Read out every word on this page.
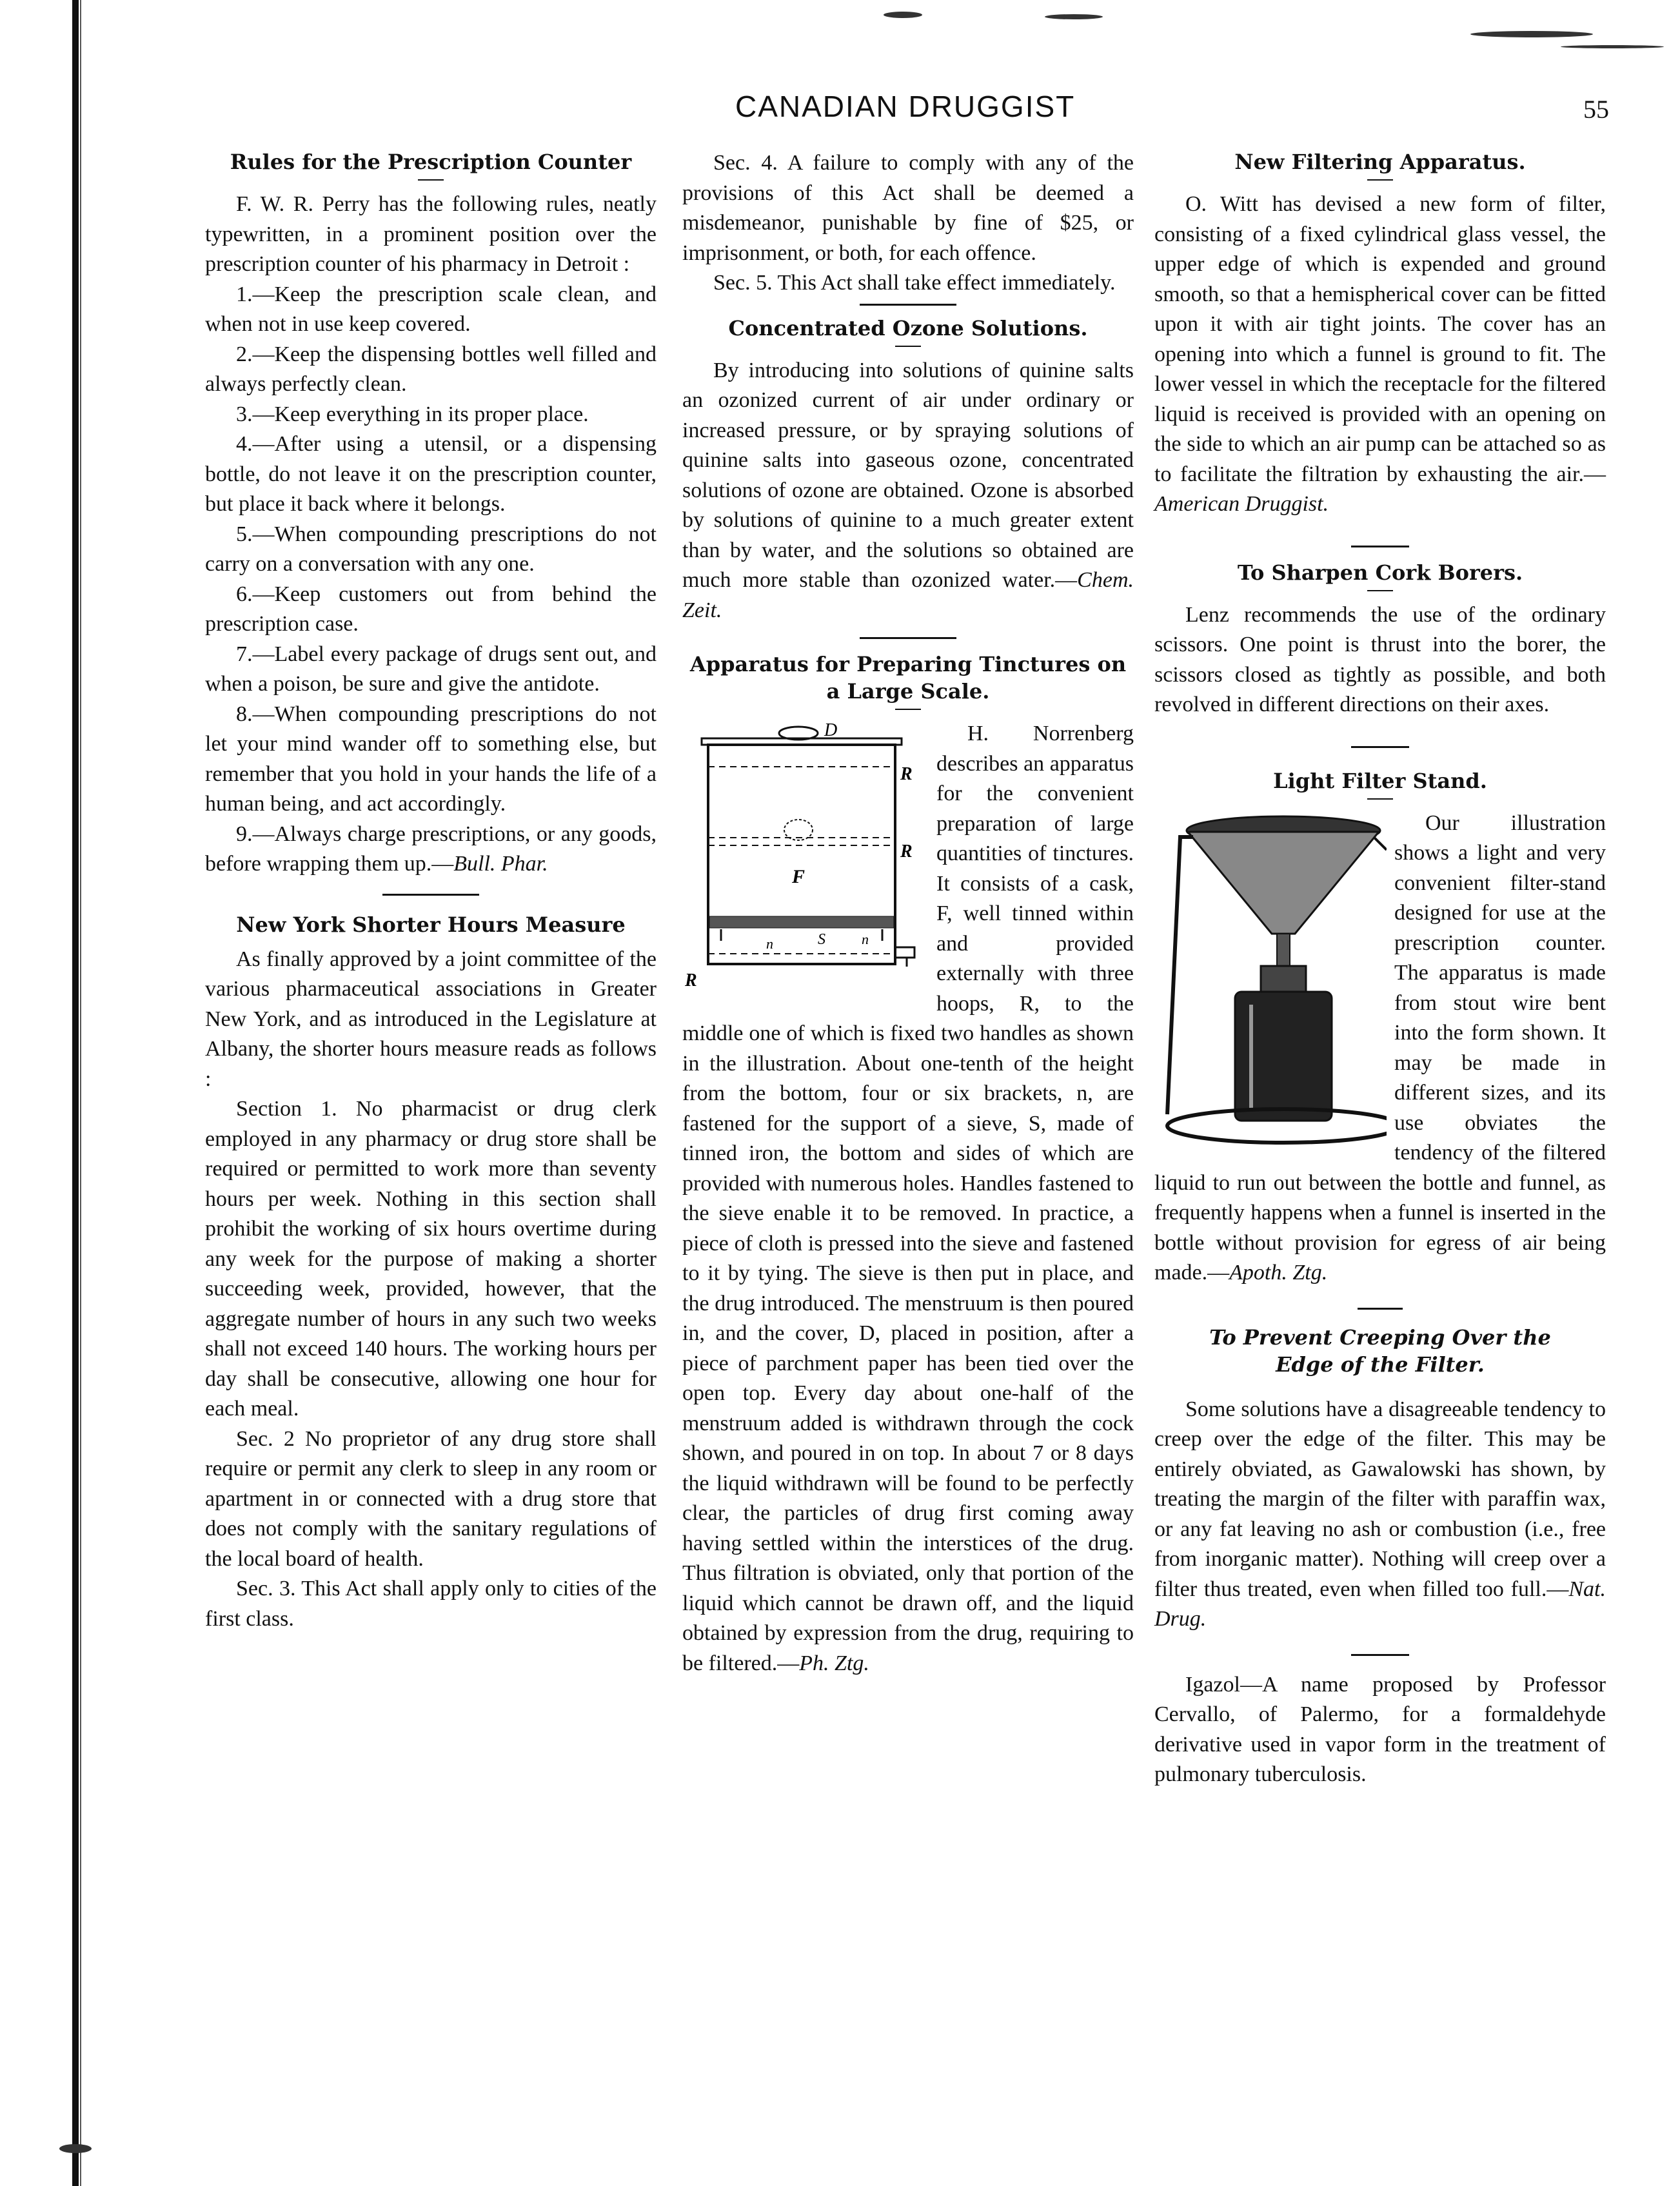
CANADIAN DRUGGIST	55
Rules for the Prescription Counter

F. W. R. Perry has the following rules, neatly typewritten, in a prominent position over the prescription counter of his pharmacy in Detroit :

1.—Keep the prescription scale clean, and when not in use keep covered.

2.—Keep the dispensing bottles well filled and always perfectly clean.

3.—Keep everything in its proper place.

4.—After using a utensil, or a dispensing bottle, do not leave it on the prescription counter, but place it back where it belongs.

5.—When compounding prescriptions do not carry on a conversation with any one.

6.—Keep customers out from behind the prescription case.

7.—Label every package of drugs sent out, and when a poison, be sure and give the antidote.

8.—When compounding prescriptions do not let your mind wander off to something else, but remember that you hold in your hands the life of a human being, and act accordingly.

9.—Always charge prescriptions, or any goods, before wrapping them up.—Bull. Phar.

New York Shorter Hours Measure

As finally approved by a joint committee of the various pharmaceutical associations in Greater New York, and as introduced in the Legislature at Albany, the shorter hours measure reads as follows :

Section 1. No pharmacist or drug clerk employed in any pharmacy or drug store shall be required or permitted to work more than seventy hours per week. Nothing in this section shall prohibit the working of six hours overtime during any week for the purpose of making a shorter succeeding week, provided, however, that the aggregate number of hours in any such two weeks shall not exceed 140 hours. The working hours per day shall be consecutive, allowing one hour for each meal.

Sec. 2 No proprietor of any drug store shall require or permit any clerk to sleep in any room or apartment in or connected with a drug store that does not comply with the sanitary regulations of the local board of health.

Sec. 3. This Act shall apply only to cities of the first class.

Sec. 4. A failure to comply with any of the provisions of this Act shall be deemed a misdemeanor, punishable by fine of $25, or imprisonment, or both, for each offence.

Sec. 5. This Act shall take effect immediately.

Concentrated Ozone Solutions.

By introducing into solutions of quinine salts an ozonized current of air under ordinary or increased pressure, or by spraying solutions of quinine salts into gaseous ozone, concentrated solutions of ozone are obtained. Ozone is absorbed by solutions of quinine to a much greater extent than by water, and the solutions so obtained are much more stable than ozonized water.—Chem. Zeit.

Apparatus for Preparing Tinctures on a Large Scale.

D
R
R
F
S
n	n
R
H. Norrenberg describes an apparatus for the convenient preparation of large quantities of tinctures. It consists of a cask, F, well tinned within and provided externally with three hoops, R, to the middle one of which is fixed two handles as shown in the illustration. About one-tenth of the height from the bottom, four or six brackets, n, are fastened for the support of a sieve, S, made of tinned iron, the bottom and sides of which are provided with numerous holes. Handles fastened to the sieve enable it to be removed. In practice, a piece of cloth is pressed into the sieve and fastened to it by tying. The sieve is then put in place, and the drug introduced. The menstruum is then poured in, and the cover, D, placed in position, after a piece of parchment paper has been tied over the open top. Every day about one-half of the menstruum added is withdrawn through the cock shown, and poured in on top. In about 7 or 8 days the liquid withdrawn will be found to be perfectly clear, the particles of drug first coming away having settled within the interstices of the drug. Thus filtration is obviated, only that portion of the liquid which cannot be drawn off, and the liquid obtained by expression from the drug, requiring to be filtered.—Ph. Ztg.

New Filtering Apparatus.

O. Witt has devised a new form of filter, consisting of a fixed cylindrical glass vessel, the upper edge of which is expended and ground smooth, so that a hemispherical cover can be fitted upon it with air tight joints. The cover has an opening into which a funnel is ground to fit. The lower vessel in which the receptacle for the filtered liquid is received is provided with an opening on the side to which an air pump can be attached so as to facilitate the filtration by exhausting the air.—American Druggist.

To Sharpen Cork Borers.

Lenz recommends the use of the ordinary scissors. One point is thrust into the borer, the scissors closed as tightly as possible, and both revolved in different directions on their axes.

Light Filter Stand.

Our illustration shows a light and very convenient filter-stand designed for use at the prescription counter. The apparatus is made from stout wire bent into the form shown. It may be made in different sizes, and its use obviates the tendency of the filtered liquid to run out between the bottle and funnel, as frequently happens when a funnel is inserted in the bottle without provision for egress of air being made.—Apoth. Ztg.

To Prevent Creeping Over the Edge of the Filter.

Some solutions have a disagreeable tendency to creep over the edge of the filter. This may be entirely obviated, as Gawalowski has shown, by treating the margin of the filter with paraffin wax, or any fat leaving no ash or combustion (i.e., free from inorganic matter). Nothing will creep over a filter thus treated, even when filled too full.—Nat. Drug.

Igazol—A name proposed by Professor Cervallo, of Palermo, for a formaldehyde derivative used in vapor form in the treatment of pulmonary tuberculosis.
